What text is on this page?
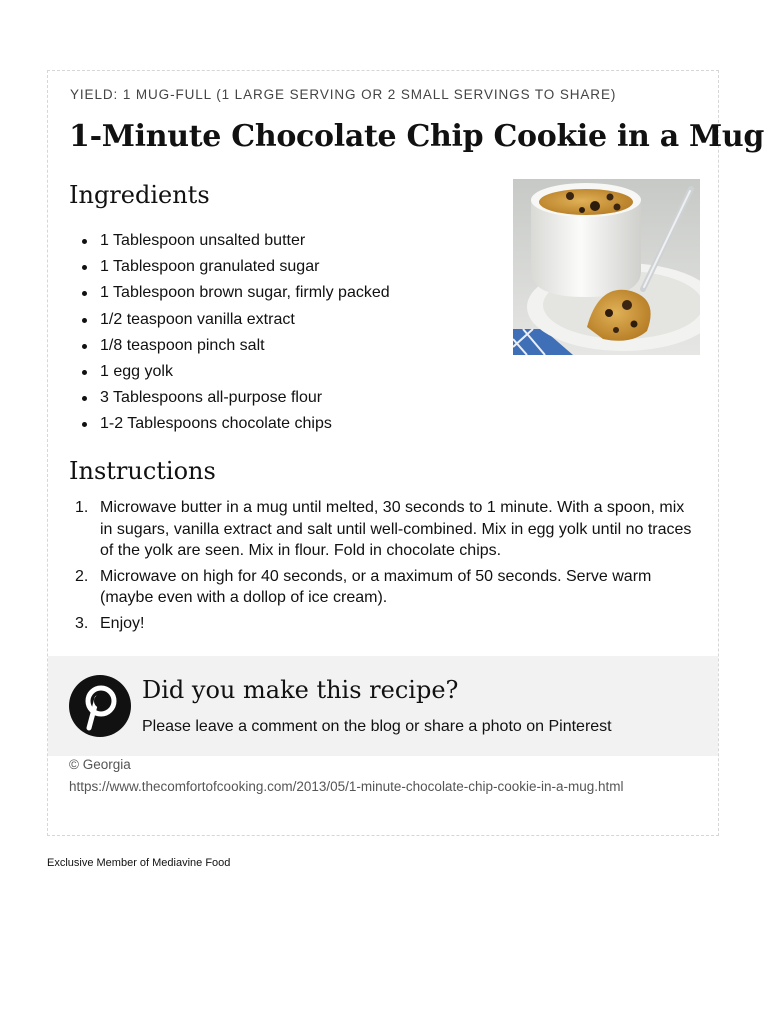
YIELD: 1 MUG-FULL (1 LARGE SERVING OR 2 SMALL SERVINGS TO SHARE)
1-Minute Chocolate Chip Cookie in a Mug
Ingredients
1 Tablespoon unsalted butter
1 Tablespoon granulated sugar
1 Tablespoon brown sugar, firmly packed
1/2 teaspoon vanilla extract
1/8 teaspoon pinch salt
1 egg yolk
3 Tablespoons all-purpose flour
1-2 Tablespoons chocolate chips
Instructions
1. Microwave butter in a mug until melted, 30 seconds to 1 minute. With a spoon, mix in sugars, vanilla extract and salt until well-combined. Mix in egg yolk until no traces of the yolk are seen. Mix in flour. Fold in chocolate chips.
2. Microwave on high for 40 seconds, or a maximum of 50 seconds. Serve warm (maybe even with a dollop of ice cream).
3. Enjoy!
Did you make this recipe?
Please leave a comment on the blog or share a photo on Pinterest
© Georgia
https://www.thecomfortofcooking.com/2013/05/1-minute-chocolate-chip-cookie-in-a-mug.html
Exclusive Member of Mediavine Food
